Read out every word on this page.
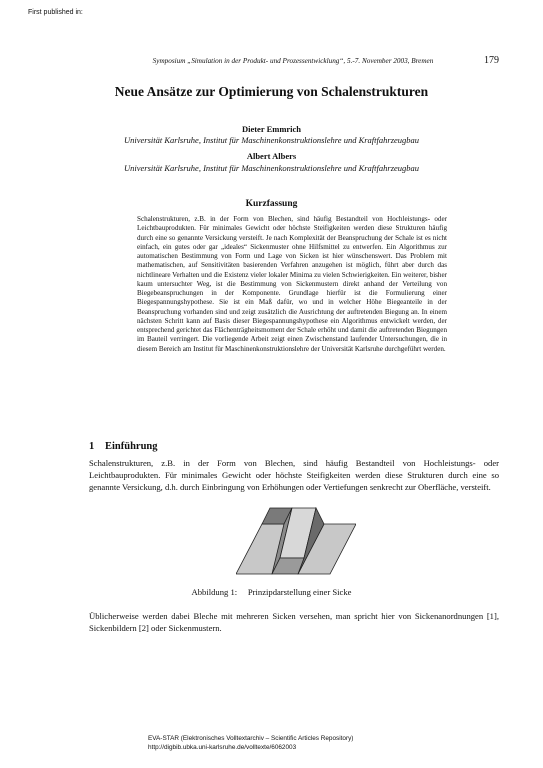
First published in:
Symposium „Simulation in der Produkt- und Prozessentwicklung“, 5.-7. November 2003, Bremen	179
Neue Ansätze zur Optimierung von Schalenstrukturen
Dieter Emmrich
Universität Karlsruhe, Institut für Maschinenkonstruktionslehre und Kraftfahrzeugbau
Albert Albers
Universität Karlsruhe, Institut für Maschinenkonstruktionslehre und Kraftfahrzeugbau
Kurzfassung
Schalenstrukturen, z.B. in der Form von Blechen, sind häufig Bestandteil von Hochleistungs- oder Leichtbauprodukten. Für minimales Gewicht oder höchste Steifigkeiten werden diese Strukturen häufig durch eine so genannte Versickung versteift. Je nach Komplexität der Beanspruchung der Schale ist es nicht einfach, ein gutes oder gar „ideales“ Sickenmuster ohne Hilfsmittel zu entwerfen. Ein Algorithmus zur automatischen Bestimmung von Form und Lage von Sicken ist hier wünschenswert. Das Problem mit mathematischen, auf Sensitivitäten basierenden Verfahren anzugehen ist möglich, führt aber durch das nichtlineare Verhalten und die Existenz vieler lokaler Minima zu vielen Schwierigkeiten. Ein weiterer, bisher kaum untersuchter Weg, ist die Bestimmung von Sickenmustern direkt anhand der Verteilung von Biegebeanspruchungen in der Komponente. Grundlage hierfür ist die Formulierung einer Biegespannungshypothese. Sie ist ein Maß dafür, wo und in welcher Höhe Biegeanteile in der Beanspruchung vorhanden sind und zeigt zusätzlich die Ausrichtung der auftretenden Biegung an. In einem nächsten Schritt kann auf Basis dieser Biegespannungshypothese ein Algorithmus entwickelt werden, der entsprechend gerichtet das Flächenträgheitsmoment der Schale erhöht und damit die auftretenden Biegungen im Bauteil verringert. Die vorliegende Arbeit zeigt einen Zwischenstand laufender Untersuchungen, die in diesem Bereich am Institut für Maschinenkonstruktionslehre der Universität Karlsruhe durchgeführt werden.
1 Einführung
Schalenstrukturen, z.B. in der Form von Blechen, sind häufig Bestandteil von Hochleistungs- oder Leichtbauprodukten. Für minimales Gewicht oder höchste Steifigkeiten werden diese Strukturen durch eine so genannte Versickung, d.h. durch Einbringung von Erhöhungen oder Vertiefungen senkrecht zur Oberfläche, versteift.
Abbildung 1:  Prinzipdarstellung einer Sicke
Üblicherweise werden dabei Bleche mit mehreren Sicken versehen, man spricht hier von Sickenanordnungen [1], Sickenbildern [2] oder Sickenmustern.
EVA-STAR (Elektronisches Volltextarchiv – Scientific Articles Repository)
http://digbib.ubka.uni-karlsruhe.de/volltexte/6062003
